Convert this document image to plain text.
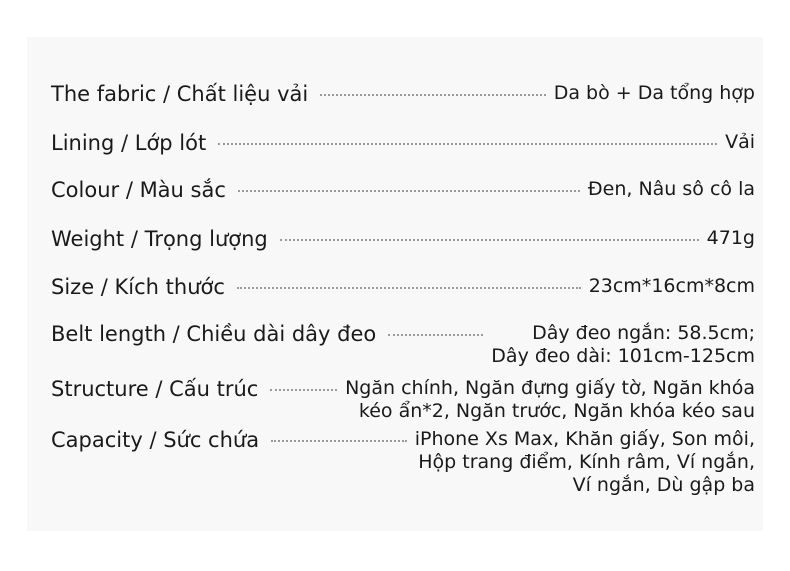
The fabric / Chất liệu vải	Da bò + Da tổng hợp
Lining / Lớp lót	Vải
Colour / Màu sắc	Đen, Nâu sô cô la
Weight / Trọng lượng	471g
Size / Kích thước	23cm*16cm*8cm
Belt length / Chiều dài dây đeo	Dây đeo ngắn: 58.5cm;
Dây đeo dài: 101cm-125cm
Structure / Cấu trúc	Ngăn chính, Ngăn đựng giấy tờ, Ngăn khóa
kéo ẩn*2, Ngăn trước, Ngăn khóa kéo sau
Capacity / Sức chứa	iPhone Xs Max, Khăn giấy, Son môi,
Hộp trang điểm, Kính râm, Ví ngắn,
Ví ngắn, Dù gập ba
